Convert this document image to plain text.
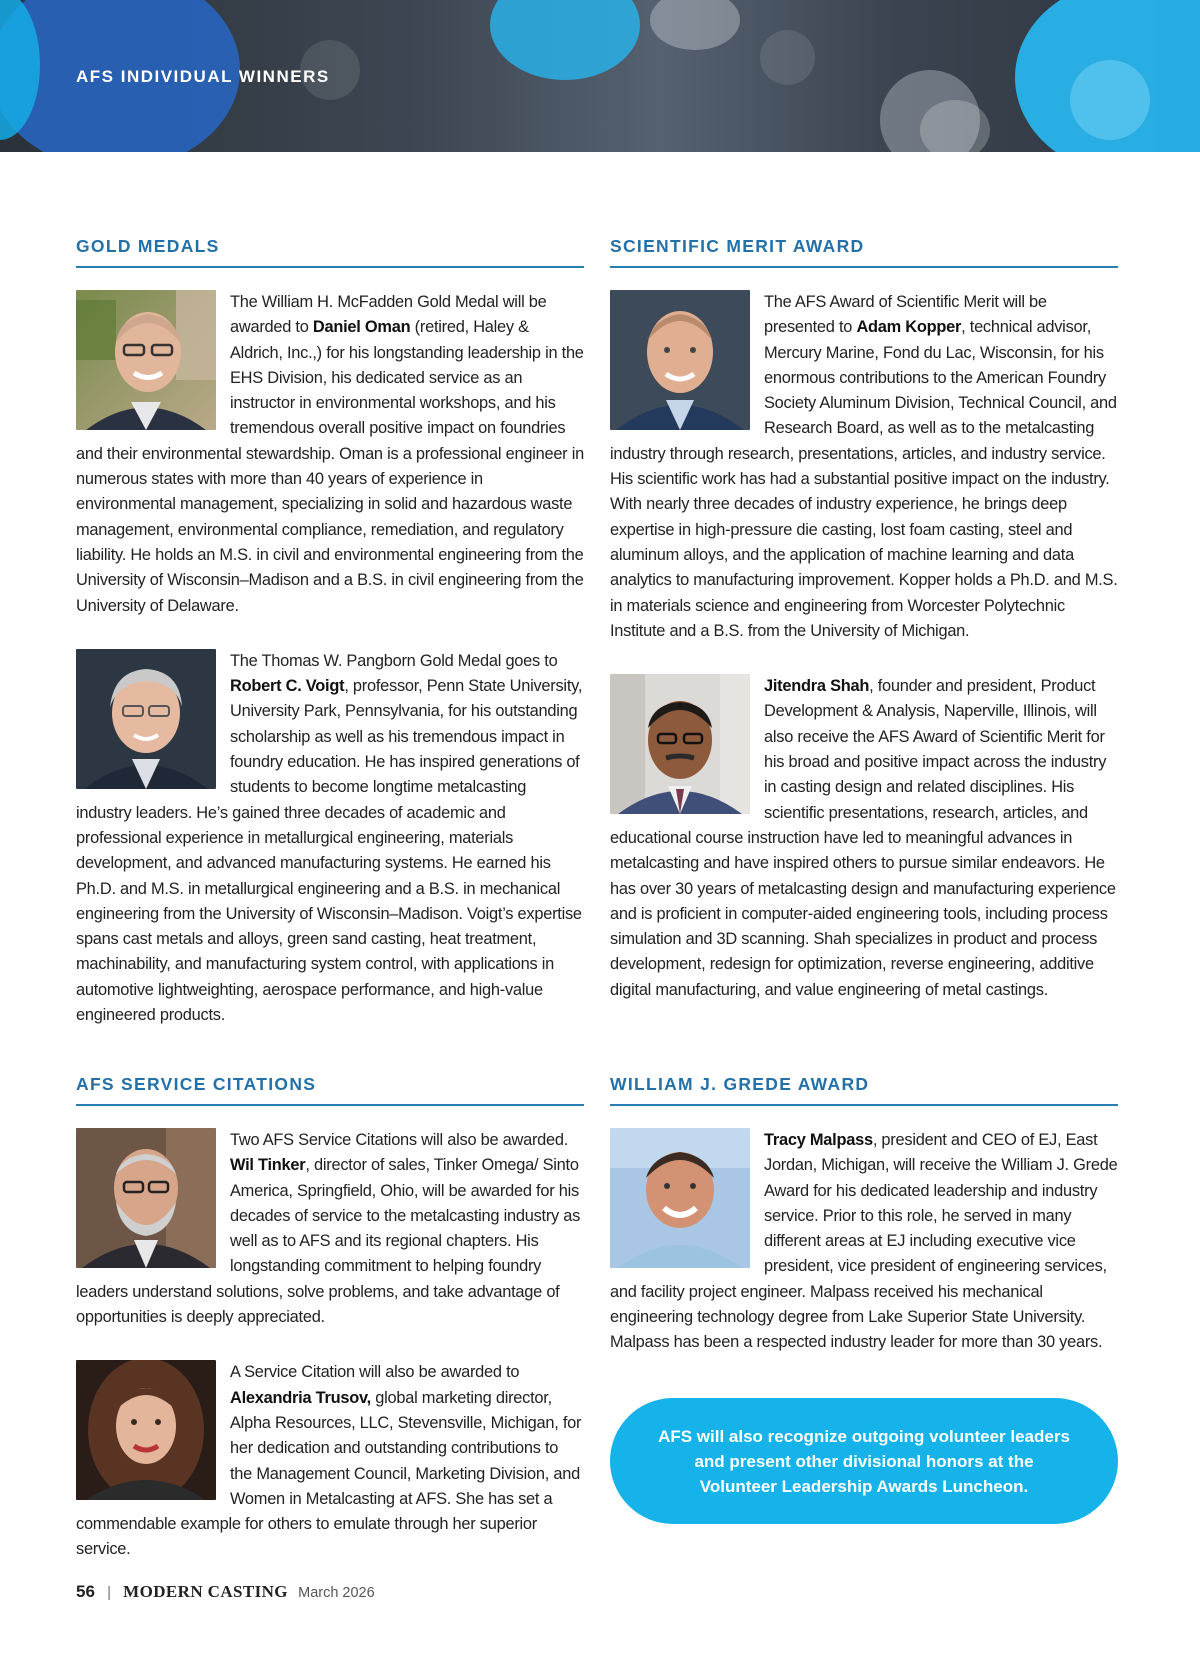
AFS INDIVIDUAL WINNERS
GOLD MEDALS

The William H. McFadden Gold Medal will be awarded to Daniel Oman (retired, Haley & Aldrich, Inc.,) for his longstanding leadership in the EHS Division, his dedicated service as an instructor in environmental workshops, and his tremendous overall positive impact on foundries and their environmental stewardship. Oman is a professional engineer in numerous states with more than 40 years of experience in environmental management, specializing in solid and hazardous waste management, environmental compliance, remediation, and regulatory liability. He holds an M.S. in civil and environmental engineering from the University of Wisconsin–Madison and a B.S. in civil engineering from the University of Delaware.

The Thomas W. Pangborn Gold Medal goes to Robert C. Voigt, professor, Penn State University, University Park, Pennsylvania, for his outstanding scholarship as well as his tremendous impact in foundry education. He has inspired generations of students to become longtime metalcasting industry leaders. He’s gained three decades of academic and professional experience in metallurgical engineering, materials development, and advanced manufacturing systems. He earned his Ph.D. and M.S. in metallurgical engineering and a B.S. in mechanical engineering from the University of Wisconsin–Madison. Voigt’s expertise spans cast metals and alloys, green sand casting, heat treatment, machinability, and manufacturing system control, with applications in automotive lightweighting, aerospace performance, and high-value engineered products.

SCIENTIFIC MERIT AWARD

The AFS Award of Scientific Merit will be presented to Adam Kopper, technical advisor, Mercury Marine, Fond du Lac, Wisconsin, for his enormous contributions to the American Foundry Society Aluminum Division, Technical Council, and Research Board, as well as to the metalcasting industry through research, presentations, articles, and industry service. His scientific work has had a substantial positive impact on the industry. With nearly three decades of industry experience, he brings deep expertise in high-pressure die casting, lost foam casting, steel and aluminum alloys, and the application of machine learning and data analytics to manufacturing improvement. Kopper holds a Ph.D. and M.S. in materials science and engineering from Worcester Polytechnic Institute and a B.S. from the University of Michigan.

Jitendra Shah, founder and president, Product Development & Analysis, Naperville, Illinois, will also receive the AFS Award of Scientific Merit for his broad and positive impact across the industry in casting design and related disciplines. His scientific presentations, research, articles, and educational course instruction have led to meaningful advances in metalcasting and have inspired others to pursue similar endeavors. He has over 30 years of metalcasting design and manufacturing experience and is proficient in computer-aided engineering tools, including process simulation and 3D scanning. Shah specializes in product and process development, redesign for optimization, reverse engineering, additive digital manufacturing, and value engineering of metal castings.

AFS SERVICE CITATIONS

Two AFS Service Citations will also be awarded. Wil Tinker, director of sales, Tinker Omega/ Sinto America, Springfield, Ohio, will be awarded for his decades of service to the metalcasting industry as well as to AFS and its regional chapters. His longstanding commitment to helping foundry leaders understand solutions, solve problems, and take advantage of opportunities is deeply appreciated.

A Service Citation will also be awarded to Alexandria Trusov, global marketing director, Alpha Resources, LLC, Stevensville, Michigan, for her dedication and outstanding contributions to the Management Council, Marketing Division, and Women in Metalcasting at AFS. She has set a commendable example for others to emulate through her superior service.

WILLIAM J. GREDE AWARD

Tracy Malpass, president and CEO of EJ, East Jordan, Michigan, will receive the William J. Grede Award for his dedicated leadership and industry service. Prior to this role, he served in many different areas at EJ including executive vice president, vice president of engineering services, and facility project engineer. Malpass received his mechanical engineering technology degree from Lake Superior State University. Malpass has been a respected industry leader for more than 30 years.

AFS will also recognize outgoing volunteer leaders and present other divisional honors at the Volunteer Leadership Awards Luncheon.
56 | MODERN CASTING March 2026
